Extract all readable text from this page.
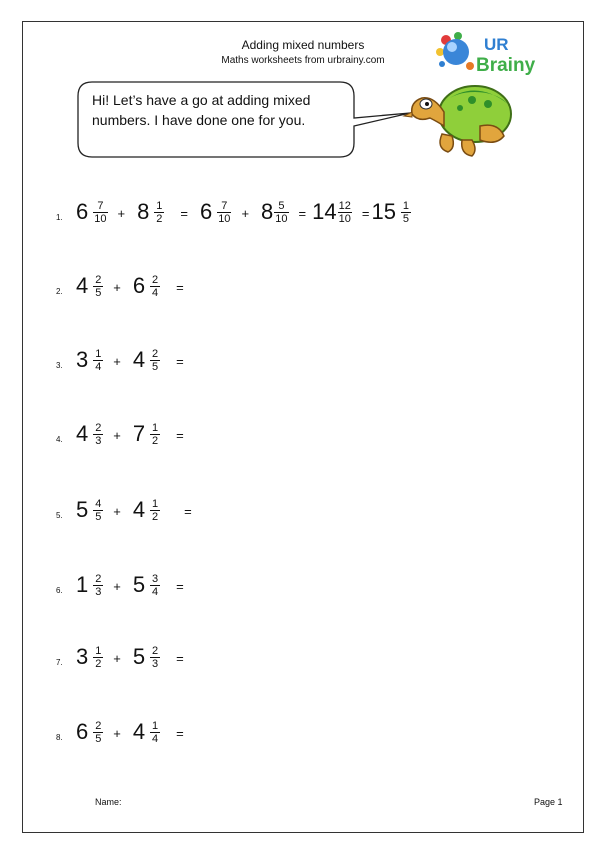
Adding mixed numbers
Maths worksheets from urbrainy.com
UR
Brainy
Hi! Let’s have a go at adding mixed numbers. I have done one for you.
1. $6 \frac{7}{10} + 8 \frac{1}{2} = 6 \frac{7}{10} + 8 \frac{5}{10} = 14 \frac{12}{10} = 15 \frac{1}{5}$
2. $4 \frac{2}{5} + 6 \frac{2}{4}$ =
3. $3 \frac{1}{4} + 4 \frac{2}{5}$ =
4. $4 \frac{2}{3} + 7 \frac{1}{2}$ =
5. $5 \frac{4}{5} + 4 \frac{1}{2}$ =
6. $1 \frac{2}{3} + 5 \frac{3}{4}$ =
7. $3 \frac{1}{2} + 5 \frac{2}{3}$ =
8. $6 \frac{2}{5} + 4 \frac{1}{4}$ =
Name:	Page 1
